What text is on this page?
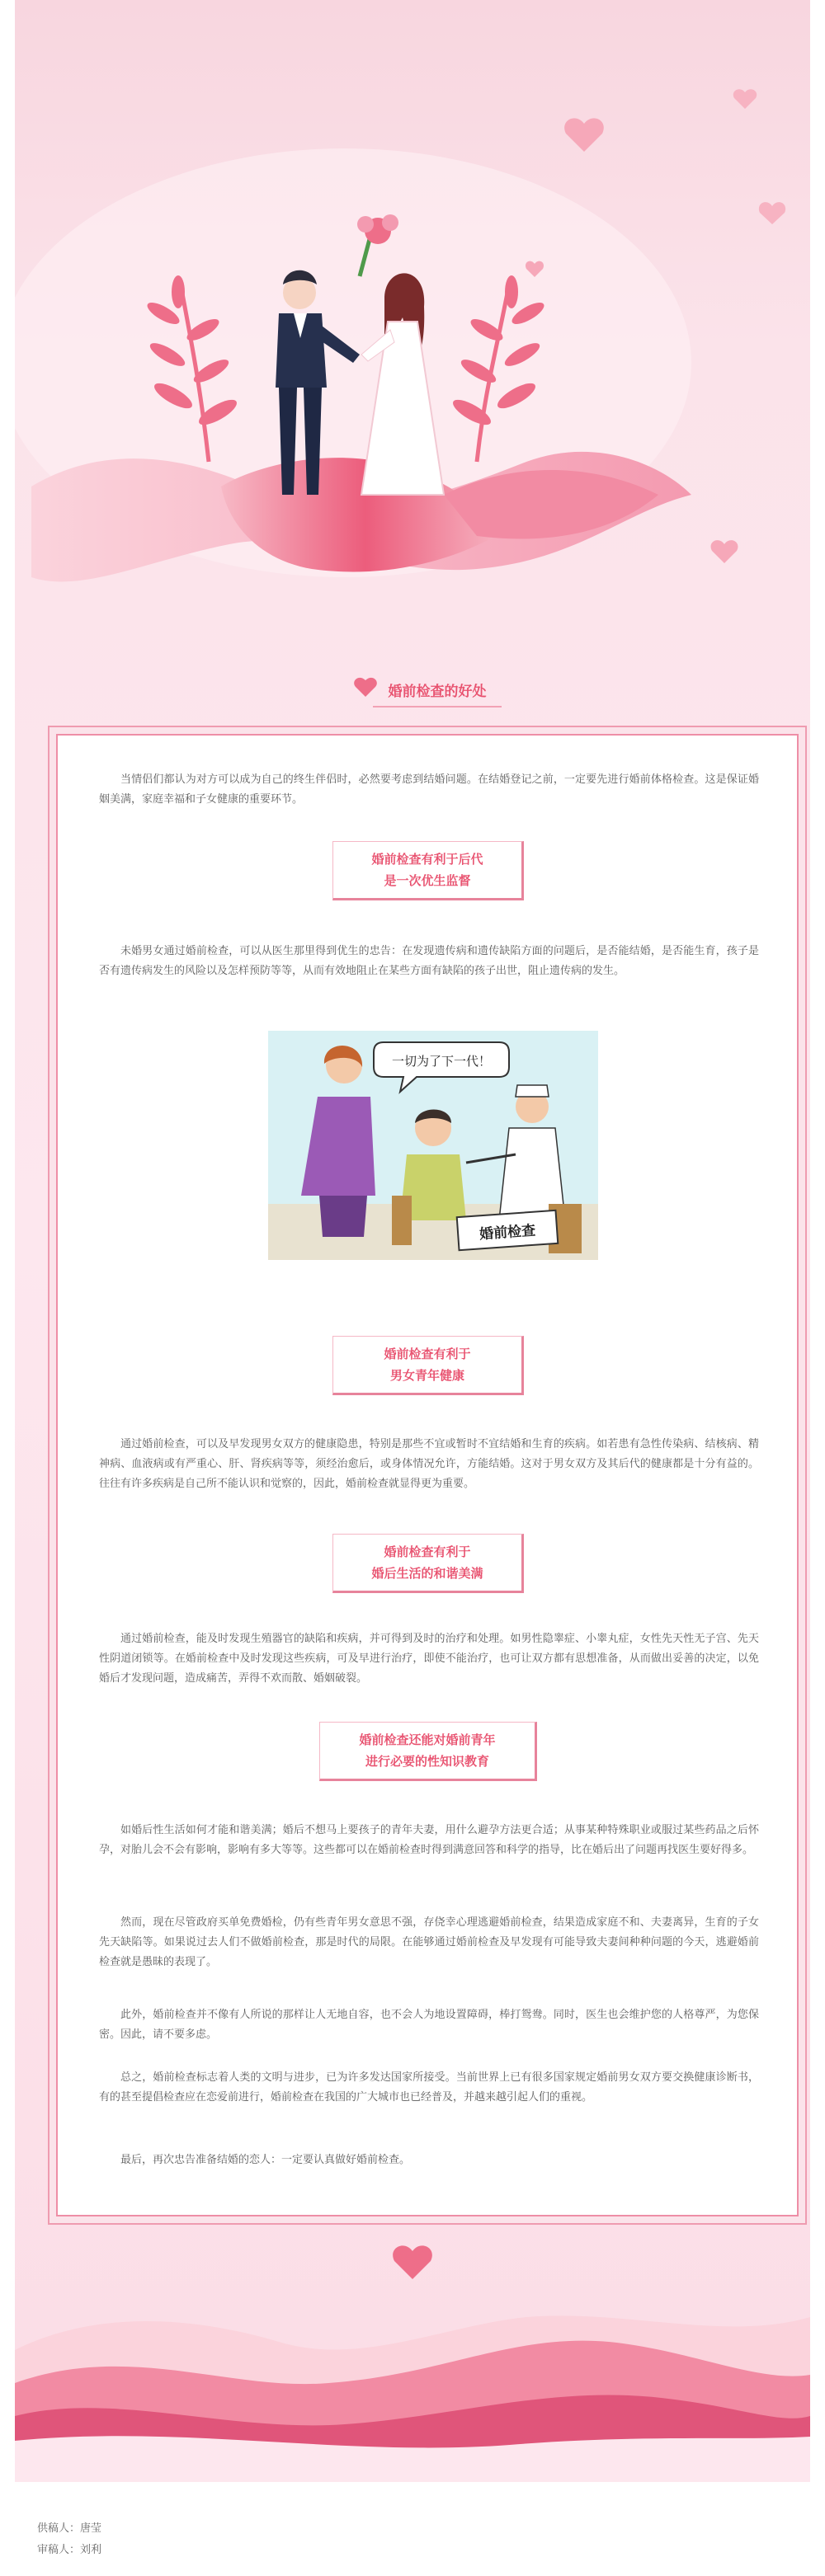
婚前检查的好处

当情侣们都认为对方可以成为自己的终生伴侣时，必然要考虑到结婚问题。在结婚登记之前，一定要先进行婚前体格检查。这是保证婚姻美满，家庭幸福和子女健康的重要环节。

婚前检查有利于后代
是一次优生监督

未婚男女通过婚前检查，可以从医生那里得到优生的忠告：在发现遗传病和遗传缺陷方面的问题后，是否能结婚，是否能生育，孩子是否有遗传病发生的风险以及怎样预防等等，从而有效地阻止在某些方面有缺陷的孩子出世，阻止遗传病的发生。

一切为了下一代！
婚前检查
婚前检查有利于
男女青年健康

通过婚前检查，可以及早发现男女双方的健康隐患，特别是那些不宜或暂时不宜结婚和生育的疾病。如若患有急性传染病、结核病、精神病、血液病或有严重心、肝、肾疾病等等，须经治愈后，或身体情况允许，方能结婚。这对于男女双方及其后代的健康都是十分有益的。往往有许多疾病是自己所不能认识和觉察的，因此，婚前检查就显得更为重要。

婚前检查有利于
婚后生活的和谐美满

通过婚前检查，能及时发现生殖器官的缺陷和疾病，并可得到及时的治疗和处理。如男性隐睾症、小睾丸症，女性先天性无子宫、先天性阴道闭锁等。在婚前检查中及时发现这些疾病，可及早进行治疗，即使不能治疗，也可让双方都有思想准备，从而做出妥善的决定，以免婚后才发现问题，造成痛苦，弄得不欢而散、婚姻破裂。

婚前检查还能对婚前青年
进行必要的性知识教育

如婚后性生活如何才能和谐美满；婚后不想马上要孩子的青年夫妻，用什么避孕方法更合适；从事某种特殊职业或服过某些药品之后怀孕，对胎儿会不会有影响，影响有多大等等。这些都可以在婚前检查时得到满意回答和科学的指导，比在婚后出了问题再找医生要好得多。

然而，现在尽管政府买单免费婚检，仍有些青年男女意思不强，存侥幸心理逃避婚前检查，结果造成家庭不和、夫妻离异，生育的子女先天缺陷等。如果说过去人们不做婚前检查，那是时代的局限。在能够通过婚前检查及早发现有可能导致夫妻间种种问题的今天，逃避婚前检查就是愚昧的表现了。

此外，婚前检查并不像有人所说的那样让人无地自容，也不会人为地设置障碍，棒打鸳鸯。同时，医生也会维护您的人格尊严，为您保密。因此，请不要多虑。

总之，婚前检查标志着人类的文明与进步，已为许多发达国家所接受。当前世界上已有很多国家规定婚前男女双方要交换健康诊断书，有的甚至提倡检查应在恋爱前进行，婚前检查在我国的广大城市也已经普及，并越来越引起人们的重视。

最后，再次忠告准备结婚的恋人：一定要认真做好婚前检查。

供稿人：唐莹

审稿人：刘利
